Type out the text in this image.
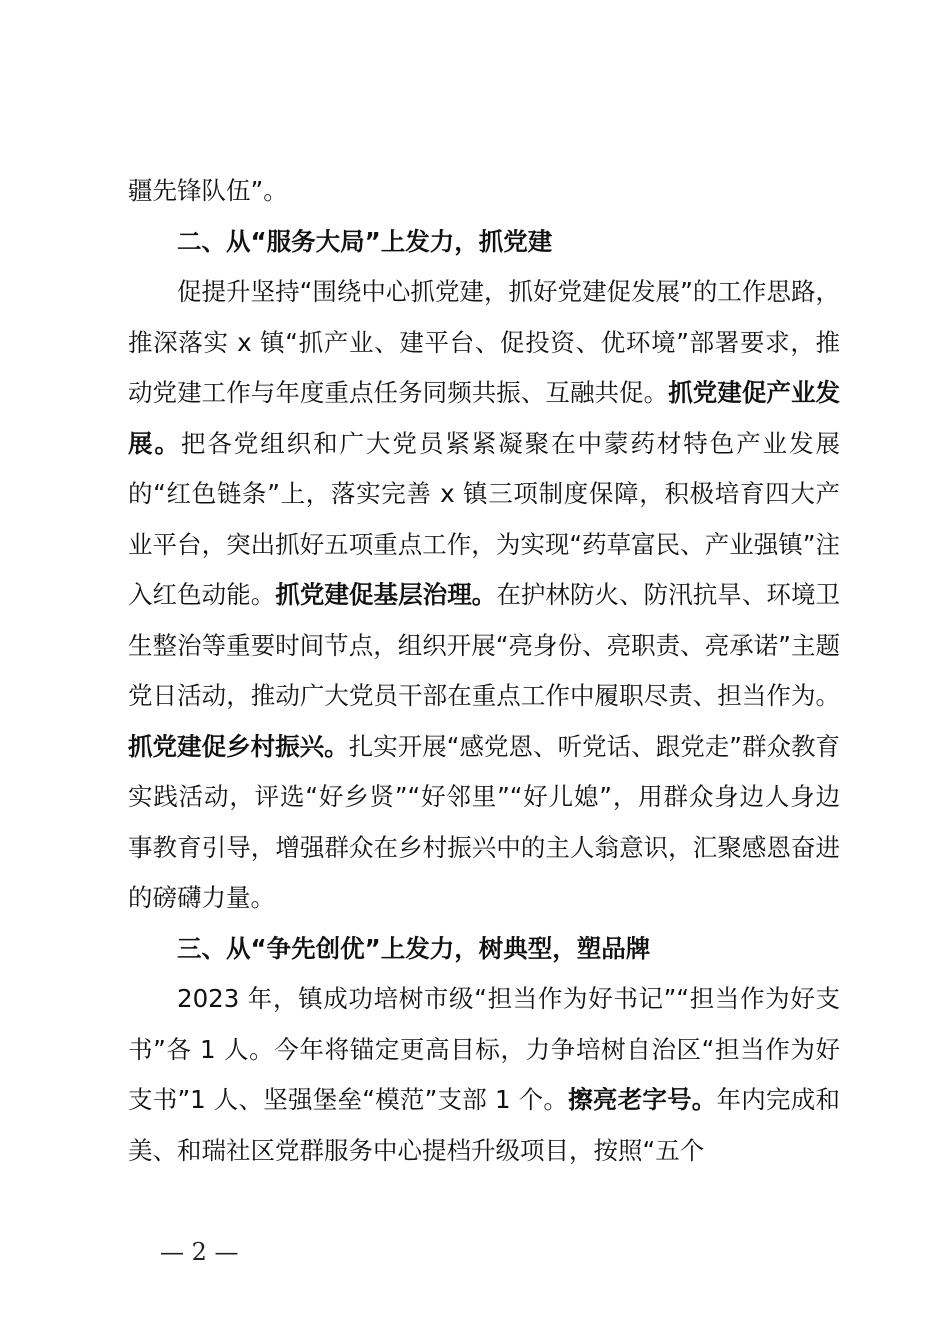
疆先锋队伍”。

二、从“服务大局”上发力，抓党建

促提升坚持“围绕中心抓党建，抓好党建促发展”的工作思路，推深落实 x 镇“抓产业、建平台、促投资、优环境”部署要求，推动党建工作与年度重点任务同频共振、互融共促。抓党建促产业发展。把各党组织和广大党员紧紧凝聚在中蒙药材特色产业发展的“红色链条”上，落实完善 x 镇三项制度保障，积极培育四大产业平台，突出抓好五项重点工作，为实现“药草富民、产业强镇”注入红色动能。抓党建促基层治理。在护林防火、防汛抗旱、环境卫生整治等重要时间节点，组织开展“亮身份、亮职责、亮承诺”主题党日活动，推动广大党员干部在重点工作中履职尽责、担当作为。抓党建促乡村振兴。扎实开展“感党恩、听党话、跟党走”群众教育实践活动，评选“好乡贤”“好邻里”“好儿媳”，用群众身边人身边事教育引导，增强群众在乡村振兴中的主人翁意识，汇聚感恩奋进的磅礴力量。

三、从“争先创优”上发力，树典型，塑品牌

2023 年，镇成功培树市级“担当作为好书记”“担当作为好支书”各 1 人。今年将锚定更高目标，力争培树自治区“担当作为好支书”1 人、坚强堡垒“模范”支部 1 个。擦亮老字号。年内完成和美、和瑞社区党群服务中心提档升级项目，按照“五个

— 2 —
